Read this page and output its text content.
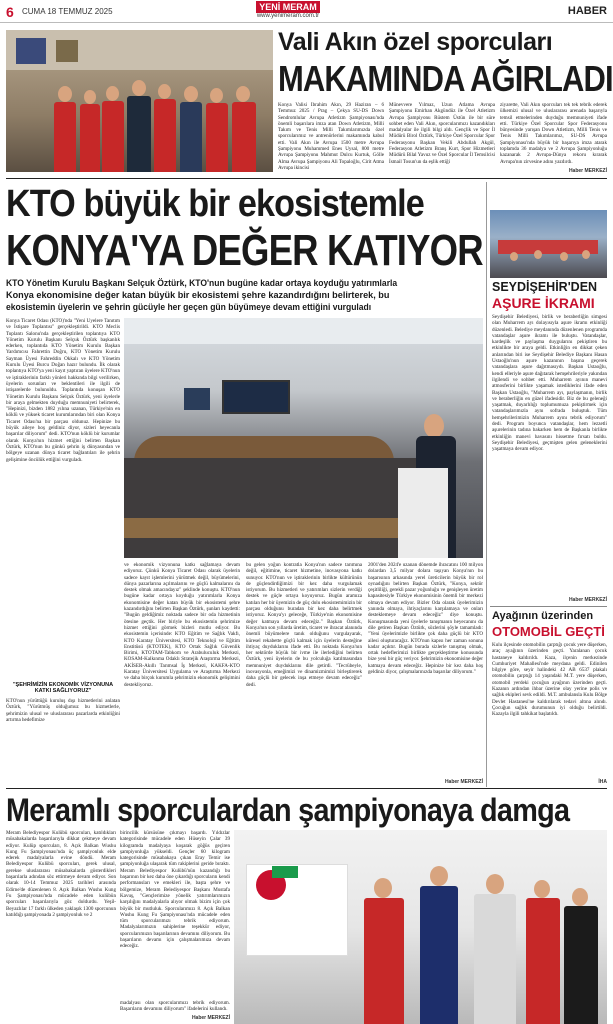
6 CUMA 18 TEMMUZ 2025	YENİ MERAM
www.yenimeram.com.tr	HABER
Vali Akın özel sporcuları
MAKAMINDA AĞIRLADI
Konya Valisi İbrahim Akın, 29 Haziran – 6 Temmuz 2025 / Prag – Çekya SU-DS Down Sendromlular Avrupa Atletizm Şampiyonası'nda önemli başarılara imza atan Down Atletizm, Milli Takım ve Tenis Milli Takımlarımızda özel sporcularımız ve antrenörlerini makamında kabul etti. Vali Akın ile Avrupa 1500 metre Avrupa Şampiyonu Muhammed Enes Uysal, 800 metre Avrupa Şampiyonu Mahmut Dulcu Kurtuk, Gölle Alma Avrupa Şampiyonu Ali Topaloğlu, Cirit Atma Avrupa ikincisi
Münevvere Yılmaz, Uzun Atlama Avrupa Şampiyonu Emirhan Akgündüz ile Özel Atletizm Avrupa Şampiyonu Rüstem Üstün ile bir süre sohbet eden Vali Akın, sporcularımızı kazandıkları madalyalar ile ilgili bilgi aldı. Gençlik ve Spor İl Müdürü Birol Öztürk, Türkiye Özel Sporcular Spor Federasyonu Başkan Vekili Abdullah Akgül, Federasyon Atletizm Branş Kurt, Spor Hizmetleri Müdürü Bilal Yavuz ve Özel Sporcular İl Temsilcisi İsmail Tosun'un da eşlik ettiği
ziyarette, Vali Akın sporcuları tek tek tebrik ederek ülkemizi ulusal ve uluslararası arenada başarıyla temsil etmelerinden duyduğu memnuniyeti ifade etti. Türkiye Özel Sporcular Spor Federasyonu bünyesinde yarışan Down Atletizm, Milli Tenis ve Tenis Milli Takımlarımız, SU-DS Avrupa Şampiyonası'nda büyük bir başarıya imza atarak toplamda 36 madalya ve 2 Avrupa Şampiyonluğu kazanarak 2 Avrupa-Dünya rekoru kırarak Avrupa'nın zirvesine adını yazdırdı.
Haber MERKEZİ
KTO büyük bir ekosistemle
KONYA'YA DEĞER KATIYOR
KTO Yönetim Kurulu Başkanı Selçuk Öztürk, KTO'nun bugüne kadar ortaya koyduğu yatırımlarla
Konya ekonomisine değer katan büyük bir ekosistemi şehre kazandırdığını belirterek, bu
ekosistemin üyelerin ve şehrin gücüyle her geçen gün büyümeye devam ettiğini vurguladı
Konya Ticaret Odası (KTO)'nda "Yeni Üyelere Tanıtım ve İstişare Toplantısı" gerçekleştirildi. KTO Meclis Toplantı Salonu'nda gerçekleştirilen toplantıya KTO Yönetim Kurulu Başkanı Selçuk Öztürk başkanlık ederken, toplantıda KTO Yönetim Kurulu Başkan Yardımcısı Fahrettin Doğru, KTO Yönetim Kurulu Sayman Üyesi Fahreddin Okkalı ve KTO Yönetim Kurulu Üyesi Burcu Doğan hazır bulundu. İlk olarak toplantıya KTO'ya yeni kayıt yaptıran üyelere KTO'nun ve iştiraklerinin farklı yönleri hakkında bilgi verilirken, üyelerin sorunları ve beklentileri ile ilgili de istişarelerde bulunuldu. Toplantıda konuşan KTO Yönetim Kurulu Başkanı Selçuk Öztürk, yeni üyelerle bir araya gelmekten duyduğu memnuniyeti belirterek, "Hepinizi, bizden 1882 yılına uzanan, Türkiye'nin en köklü ve yüksek ticaret kurumlarından biri olan Konya Ticaret Odası'na bir parçası oldunuz. Hepinize bu büyük aileye hoş geldiniz diyor, sizleri heyecanla başarılar diliyorum" dedi. KTO'nun köklü bir kurumlar olarak Konya'nın hizmet ettiğini belirten Başkan Öztürk, KTO'nun bu günkü şehrin iş dünyasından ve bölgeye uzanan dünya ticaret bağlantıları ile şehrin gelişimine öncülük ettiğini vurguladı.
"ŞEHRİMİZİN EKONOMİK VİZYONUNA KATKI SAĞLIYORUZ"
KTO'nun yürüttüğü kuruluş dışı hizmetlerini anlatan Öztürk, "Yürütmüş olduğumuz bu hizmetlerle, şehrimizin ulusal ve uluslararası pazarlarda etkinliğini artırma hedefimize
ve ekonomik vizyonuna katkı sağlamaya devam ediyoruz. Çünkü Konya Ticaret Odası olarak üyelerin sadece kayıt işlemlerini yürütmek değil, büyümelerini, dünya pazarlarına açılmalarını ve güçlü kalmalarını da destek olmak amacındayız" şeklinde konuştu. KTO'nun bugüne kadar ortaya koyduğu yatırımlarla Konya ekonomisine değer katan büyük bir ekosistemi şehre kazandırdığını belirten Başkan Öztürk, şunları kaydetti: "Bugün geldiğimiz noktada sadece bir oda hizmetinin ötesine geçtik. Her biriyle bu ekosistemin şehrimize hizmet ettiğini görmek bizleri mutlu ediyor. Bu ekosistemin içerisinde: KTO Eğitim ve Sağlık Vakfı, KTO Karatay Üniversitesi, KTO Teknoloji ve Eğitim Enstitüsü (KTOTEK), KTO Ortak Sağlık Güvenlik Birimi, KTOTAM-Tabkom ve Arabuluculuk Merkezi, KOSAM-Kalkınma Odaklı Stratejik Araştırma Merkezi, AKİSER-Akıllı Tarımsal İş Merkezi, KAKFA-KTO Karatay Üniversitesi Uygulama ve Araştırma Merkezi ve daha birçok kurumla şehrimizin ekonomik gelişimini destekliyoruz.
bu gelen yoğun kontratla Konya'nın sadece tarımına değil, eğitimine, ticaret hizmetine, inovasyona katkı sunuyor. KTO'nun ve iştiraklerinin birlikte kültürünün de güçlendirdiğimizi bir kez daha vurgulamak istiyorum. Bu hizmetleri ve yatırımları sizlerin verdiği destek ve güçle ortaya koyuyoruz. Bugün aramıza katılan her bir üyemizin de güç dolu ekosistemimizin bir parçası olduğunu buradan bir kez daha belirtmek istiyoruz. Konya'yı geleceğe, Türkiye'nin ekonomisine değer katmaya devam edeceğiz." Başkan Öztürk, Konya'nın son yıllarda üretim, ticaret ve ihracat alanında önemli büyümelere tanık olduğunu vurgulayarak, küresel rekabette güçlü kalmak için üyelerin desteğine ihtiyaç duyduklarını ifade etti. Bu noktada Konya'nın her sektörde büyük bir ivme ile ilerlediğini belirten Öztürk, yeni üyelerin de bu yolculuğa katılmasından memnuniyet duyduklarını dile getirdi. "Tecrübeyle, inovasyonla, emeğimizi ve dinamizmimizi birleştirerek daha güçlü bir gelecek inşa etmeye devam edeceğiz" dedi.
2001'den 2024'e uzanan dönemde ihracatını 100 milyon dolardan 3,5 milyar dolara taşıyan Konya'nın bu başarısının arkasında yerel üreticilerin büyük bir rol oynadığını belirten Başkan Öztürk, "Konya, sektör çeşitliliği, gerekli pazar yoğunluğu ve genişleyen üretim kapasitesiyle Türkiye ekonomisinin önemli bir merkezi olmaya devam ediyor. Bizler Oda olarak üyelerimizin yanında olmaya, ihtiyaçlarını karşılamaya ve onları desteklemeye devam edeceğiz" diye konuştu. Konuşmasında yeni üyelerle tanışmanın heyecanını da dile getiren Başkan Öztürk, sözlerini şöyle tamamladı: "Yeni üyelerimizle birlikte çok daha güçlü bir KTO ailesi oluşturacağız. KTO'nun kapısı her zaman sonuna kadar açıktır. Bugün burada sizlerle tanışmış olmak, ortak hedeflerimizi birlikte gerçekleştirme konusunda bize yeni bir güç veriyor. Şehrimizin ekonomisine değer katmaya devam edeceğiz. Hepinize bir kez daha hoş geldiniz diyor, çalışmalarınızda başarılar diliyorum."
Haber MERKEZİ
SEYDİŞEHİR'DEN
AŞURE İKRAMI
Seydişehir Belediyesi, birlik ve beraberliğin simgesi olan Muharrem ayı dolayısıyla aşure ikramı etkinliği düzenledi. Belediye meydanında düzenlenen programda vatandaşlar aşure ikramı ile buluştu. Vatandaşlar, kardeşlik ve paylaşma duygularını pekiştiren bu etkinlikte bir araya geldi. Etkinliğin en dikkat çeken anlarından biri ise Seydişehir Belediye Başkanı Hasan Ustaoğlu'nun aşure kazanının başına geçerek vatandaşlara aşure dağıtmasıydı. Başkan Ustaoğlu, kendi elleriyle aşure dağıtarak hemşehrileriyle yakından ilgilendi ve sohbet etti. Muharrem ayının manevi atmosferini birlikte yaşamak istediklerini ifade eden Başkan Ustaoğlu, "Muharrem ayı, paylaşmanın, birlik ve beraberliğin en güzel ifadesidir. Biz de bu geleneği yaşatmak, duyarlılığı toplumumuza pekiştirmek için vatandaşlarımızla aynı sofrada buluştuk. Tüm hemşehrilerimizin Muharrem ayını tebrik ediyorum" dedi. Program boyunca vatandaşlar, hem lezzetli aşurelerinin tadına bakarken hem de Başkanla birlikte etkinliğin manevi havasını hissetme fırsatı buldu. Seydişehir Belediyesi, geçmişten gelen geleneklerini yaşatmaya devam ediyor.
Haber MERKEZİ
Ayağının üzerinden
OTOMOBİL GEÇTİ
Kulu ilçesinde otomobilin çarptığı çocuk yere düşerken, araç ayağının üzerinden geçti. Yaralanan çocuk hastaneye kaldırıldı. Kaza, ilçenin merkezinde Cumhuriyet Mahallesi'nde meydana geldi. Edinilen bilgiye göre, seyir halindeki 42 AB 6537 plakalı otomobilin çarptığı 14 yaşındaki M.T. yere düşerken, otomobil yerdeki çocuğun ayağının üzerinden geçti. Kazanın ardından ihbar üzerine olay yerine polis ve sağlık ekipleri sevk edildi. M.T. ambulansla Kulu Bölge Devlet Hastanesi'ne kaldırılarak tedavi altına alındı. Çocuğun sağlık durumunun iyi olduğu belirtildi. Kazayla ilgili tahkikat başlatıldı.
İHA
Meramlı sporculardan şampiyonaya damga
Meram Belediyespor Kulübü sporcuları, katıldıkları müsabakalarda başarılarıyla dikkat çekmeye devam ediyor. Kulüp sporcuları, 8. Açık Balkan Wushu Kung Fu Şampiyonası'nda üç şampiyonluk elde ederek madalyalarla evine döndü. Meram Belediyespor Kulübü sporcuları, gerek ulusal, gerekse uluslararası müsabakalarda gösterdikleri başarılarla adından söz ettirmeye devam ediyor. Son olarak 10-14 Temmuz 2025 tarihleri arasında Edirne'de düzenlenen 8. Açık Balkan Wushu Kung Fu Şampiyonası'nda mücadele eden kulübün sporcuları başarılarıyla göz doldurdu. Yeşil-Beyazlılar 17 farklı ülkeden yaklaşık 1300 sporcunun katıldığı şampiyonada 2 şampiyonluk ve 2
birincilik kürsüsüne çıkmayı başardı. Yıldızlar kategorisinde mücadele eden Hüseyin Çalar 39 kilogramda madalyaya koşarak göğüs geçiren şampiyonluğa yükseldi. Gençler 60 kilogram kategorisinde müsabakaya çıkan Eray Temir ise şampiyonluğa ulaşarak tüm rakiplerini geride bıraktı. Meram Belediyespor Kulübü'nün kazandığı bu başarının bir kez daha öne çıkardığı sporcuların kendi performansları ve emekleri ile, başta şehre ve bölgemize, Meram Belediyespor Başkanı Mustafa Kavuş, "Gençlerimize yönelik yatırımlarımızın karşılığını madalyalarla alıyor olmak bizim için çok büyük bir mutluluk. Sporcularımızı 8. Açık Balkan Wushu Kung Fu Şampiyonası'nda mücadele eden tüm sporcularımızı tebrik ediyorum. Madalyalarımızın sahiplerine teşekkür ediyor, sporcularımızın başarılarının devamını diliyorum. Bu başarıların devamı için çalışmalarımıza devam edeceğiz.
madalyası olan sporcularımızı tebrik ediyorum. Başarıların devamını diliyorum" ifadelerini kullandı.
Haber MERKEZİ
